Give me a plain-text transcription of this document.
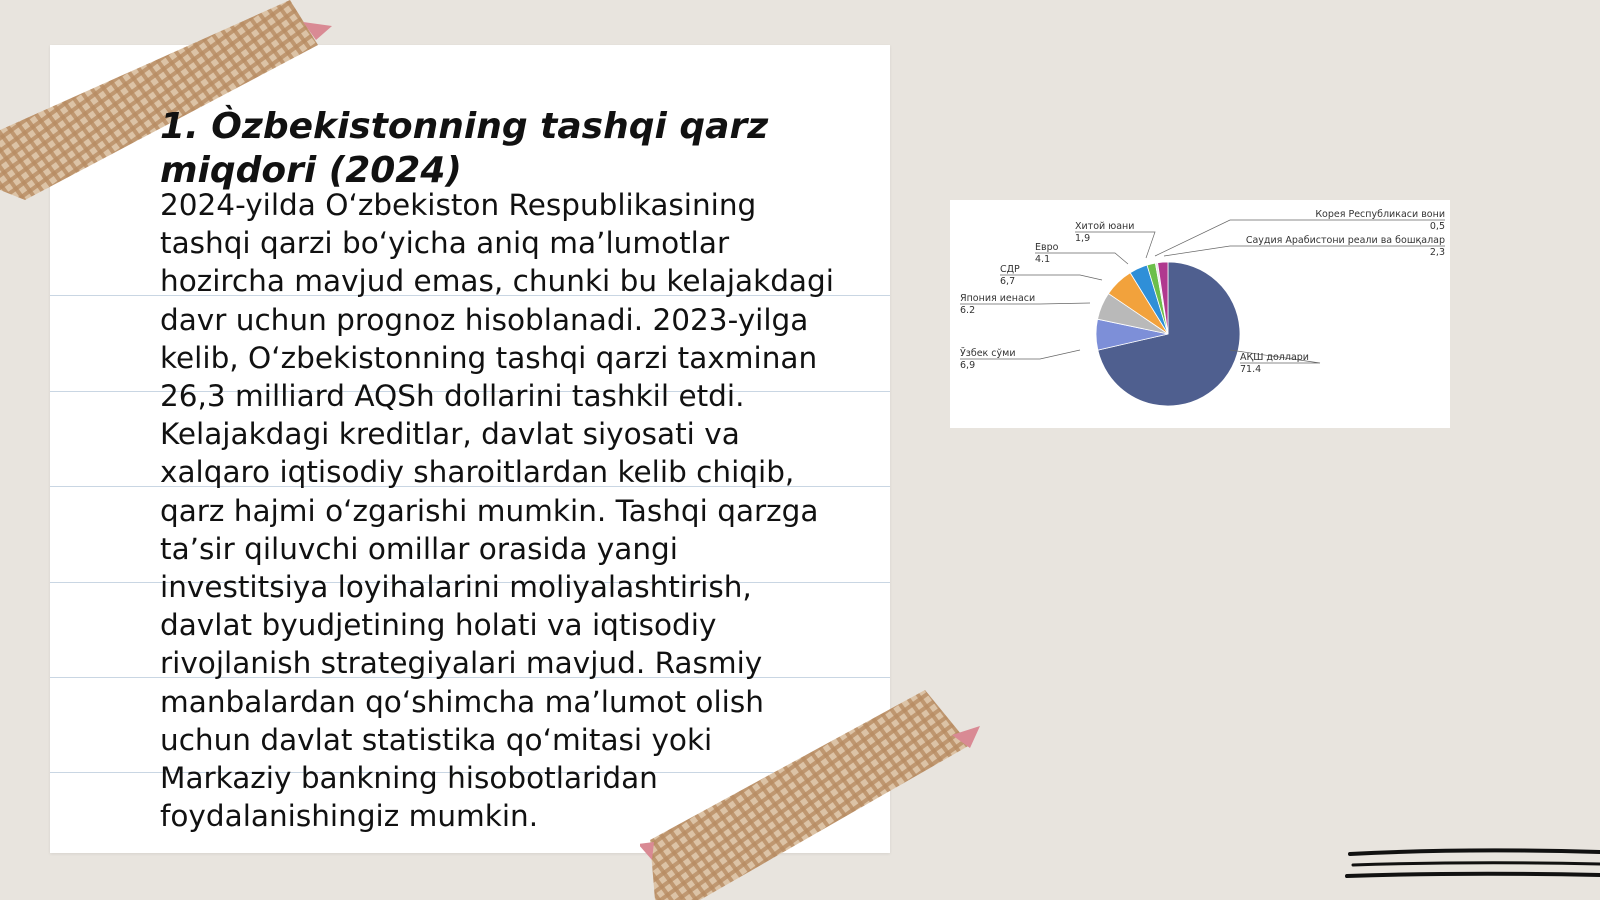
1. Òzbekistonning tashqi qarz miqdori (2024)

2024-yilda O‘zbekiston Respublikasining tashqi qarzi bo‘yicha aniq ma’lumotlar hozircha mavjud emas, chunki bu kelajakdagi davr uchun prognoz hisoblanadi. 2023-yilga kelib, O‘zbekistonning tashqi qarzi taxminan 26,3 milliard AQSh dollarini tashkil etdi. Kelajakdagi kreditlar, davlat siyosati va xalqaro iqtisodiy sharoitlardan kelib chiqib, qarz hajmi o‘zgarishi mumkin. Tashqi qarzga ta’sir qiluvchi omillar orasida yangi investitsiya loyihalarini moliyalashtirish, davlat byudjetining holati va iqtisodiy rivojlanish strategiyalari mavjud. Rasmiy manbalardan qo‘shimcha ma’lumot olish uchun davlat statistika qo‘mitasi yoki Markaziy bankning hisobotlaridan foydalanishingiz mumkin.

АҚШ доллари
71.4
Ўзбек сўми
6,9
Япония иенаси
6.2
СДР
6,7
Евро
4.1
Хитой юани
1,9
Корея Республикаси вони
0,5
Саудия Арабистони реали ва бошқалар
2,3
